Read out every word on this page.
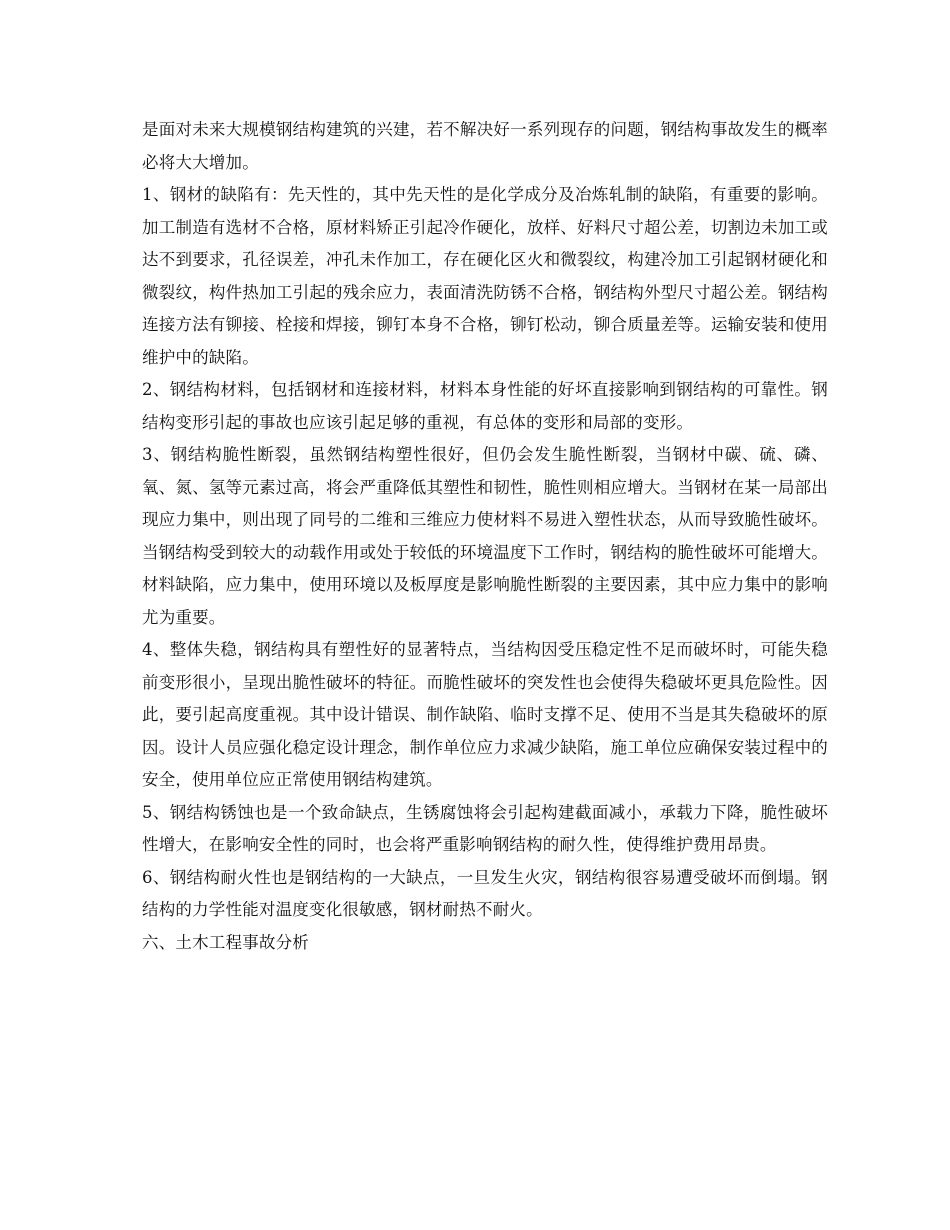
是面对未来大规模钢结构建筑的兴建，若不解决好一系列现存的问题，钢结构事故发生的概率必将大大增加。

1、钢材的缺陷有：先天性的，其中先天性的是化学成分及冶炼轧制的缺陷，有重要的影响。加工制造有选材不合格，原材料矫正引起冷作硬化，放样、好料尺寸超公差，切割边未加工或达不到要求，孔径误差，冲孔未作加工，存在硬化区火和微裂纹，构建冷加工引起钢材硬化和微裂纹，构件热加工引起的残余应力，表面清洗防锈不合格，钢结构外型尺寸超公差。钢结构连接方法有铆接、栓接和焊接，铆钉本身不合格，铆钉松动，铆合质量差等。运输安装和使用维护中的缺陷。

2、钢结构材料，包括钢材和连接材料，材料本身性能的好坏直接影响到钢结构的可靠性。钢结构变形引起的事故也应该引起足够的重视，有总体的变形和局部的变形。

3、钢结构脆性断裂，虽然钢结构塑性很好，但仍会发生脆性断裂，当钢材中碳、硫、磷、氧、氮、氢等元素过高，将会严重降低其塑性和韧性，脆性则相应增大。当钢材在某一局部出现应力集中，则出现了同号的二维和三维应力使材料不易进入塑性状态，从而导致脆性破坏。当钢结构受到较大的动载作用或处于较低的环境温度下工作时，钢结构的脆性破坏可能增大。材料缺陷，应力集中，使用环境以及板厚度是影响脆性断裂的主要因素，其中应力集中的影响尤为重要。

4、整体失稳，钢结构具有塑性好的显著特点，当结构因受压稳定性不足而破坏时，可能失稳前变形很小，呈现出脆性破坏的特征。而脆性破坏的突发性也会使得失稳破坏更具危险性。因此，要引起高度重视。其中设计错误、制作缺陷、临时支撑不足、使用不当是其失稳破坏的原因。设计人员应强化稳定设计理念，制作单位应力求减少缺陷，施工单位应确保安装过程中的安全，使用单位应正常使用钢结构建筑。

5、钢结构锈蚀也是一个致命缺点，生锈腐蚀将会引起构建截面减小，承载力下降，脆性破坏性增大，在影响安全性的同时，也会将严重影响钢结构的耐久性，使得维护费用昂贵。

6、钢结构耐火性也是钢结构的一大缺点，一旦发生火灾，钢结构很容易遭受破坏而倒塌。钢结构的力学性能对温度变化很敏感，钢材耐热不耐火。

六、土木工程事故分析
